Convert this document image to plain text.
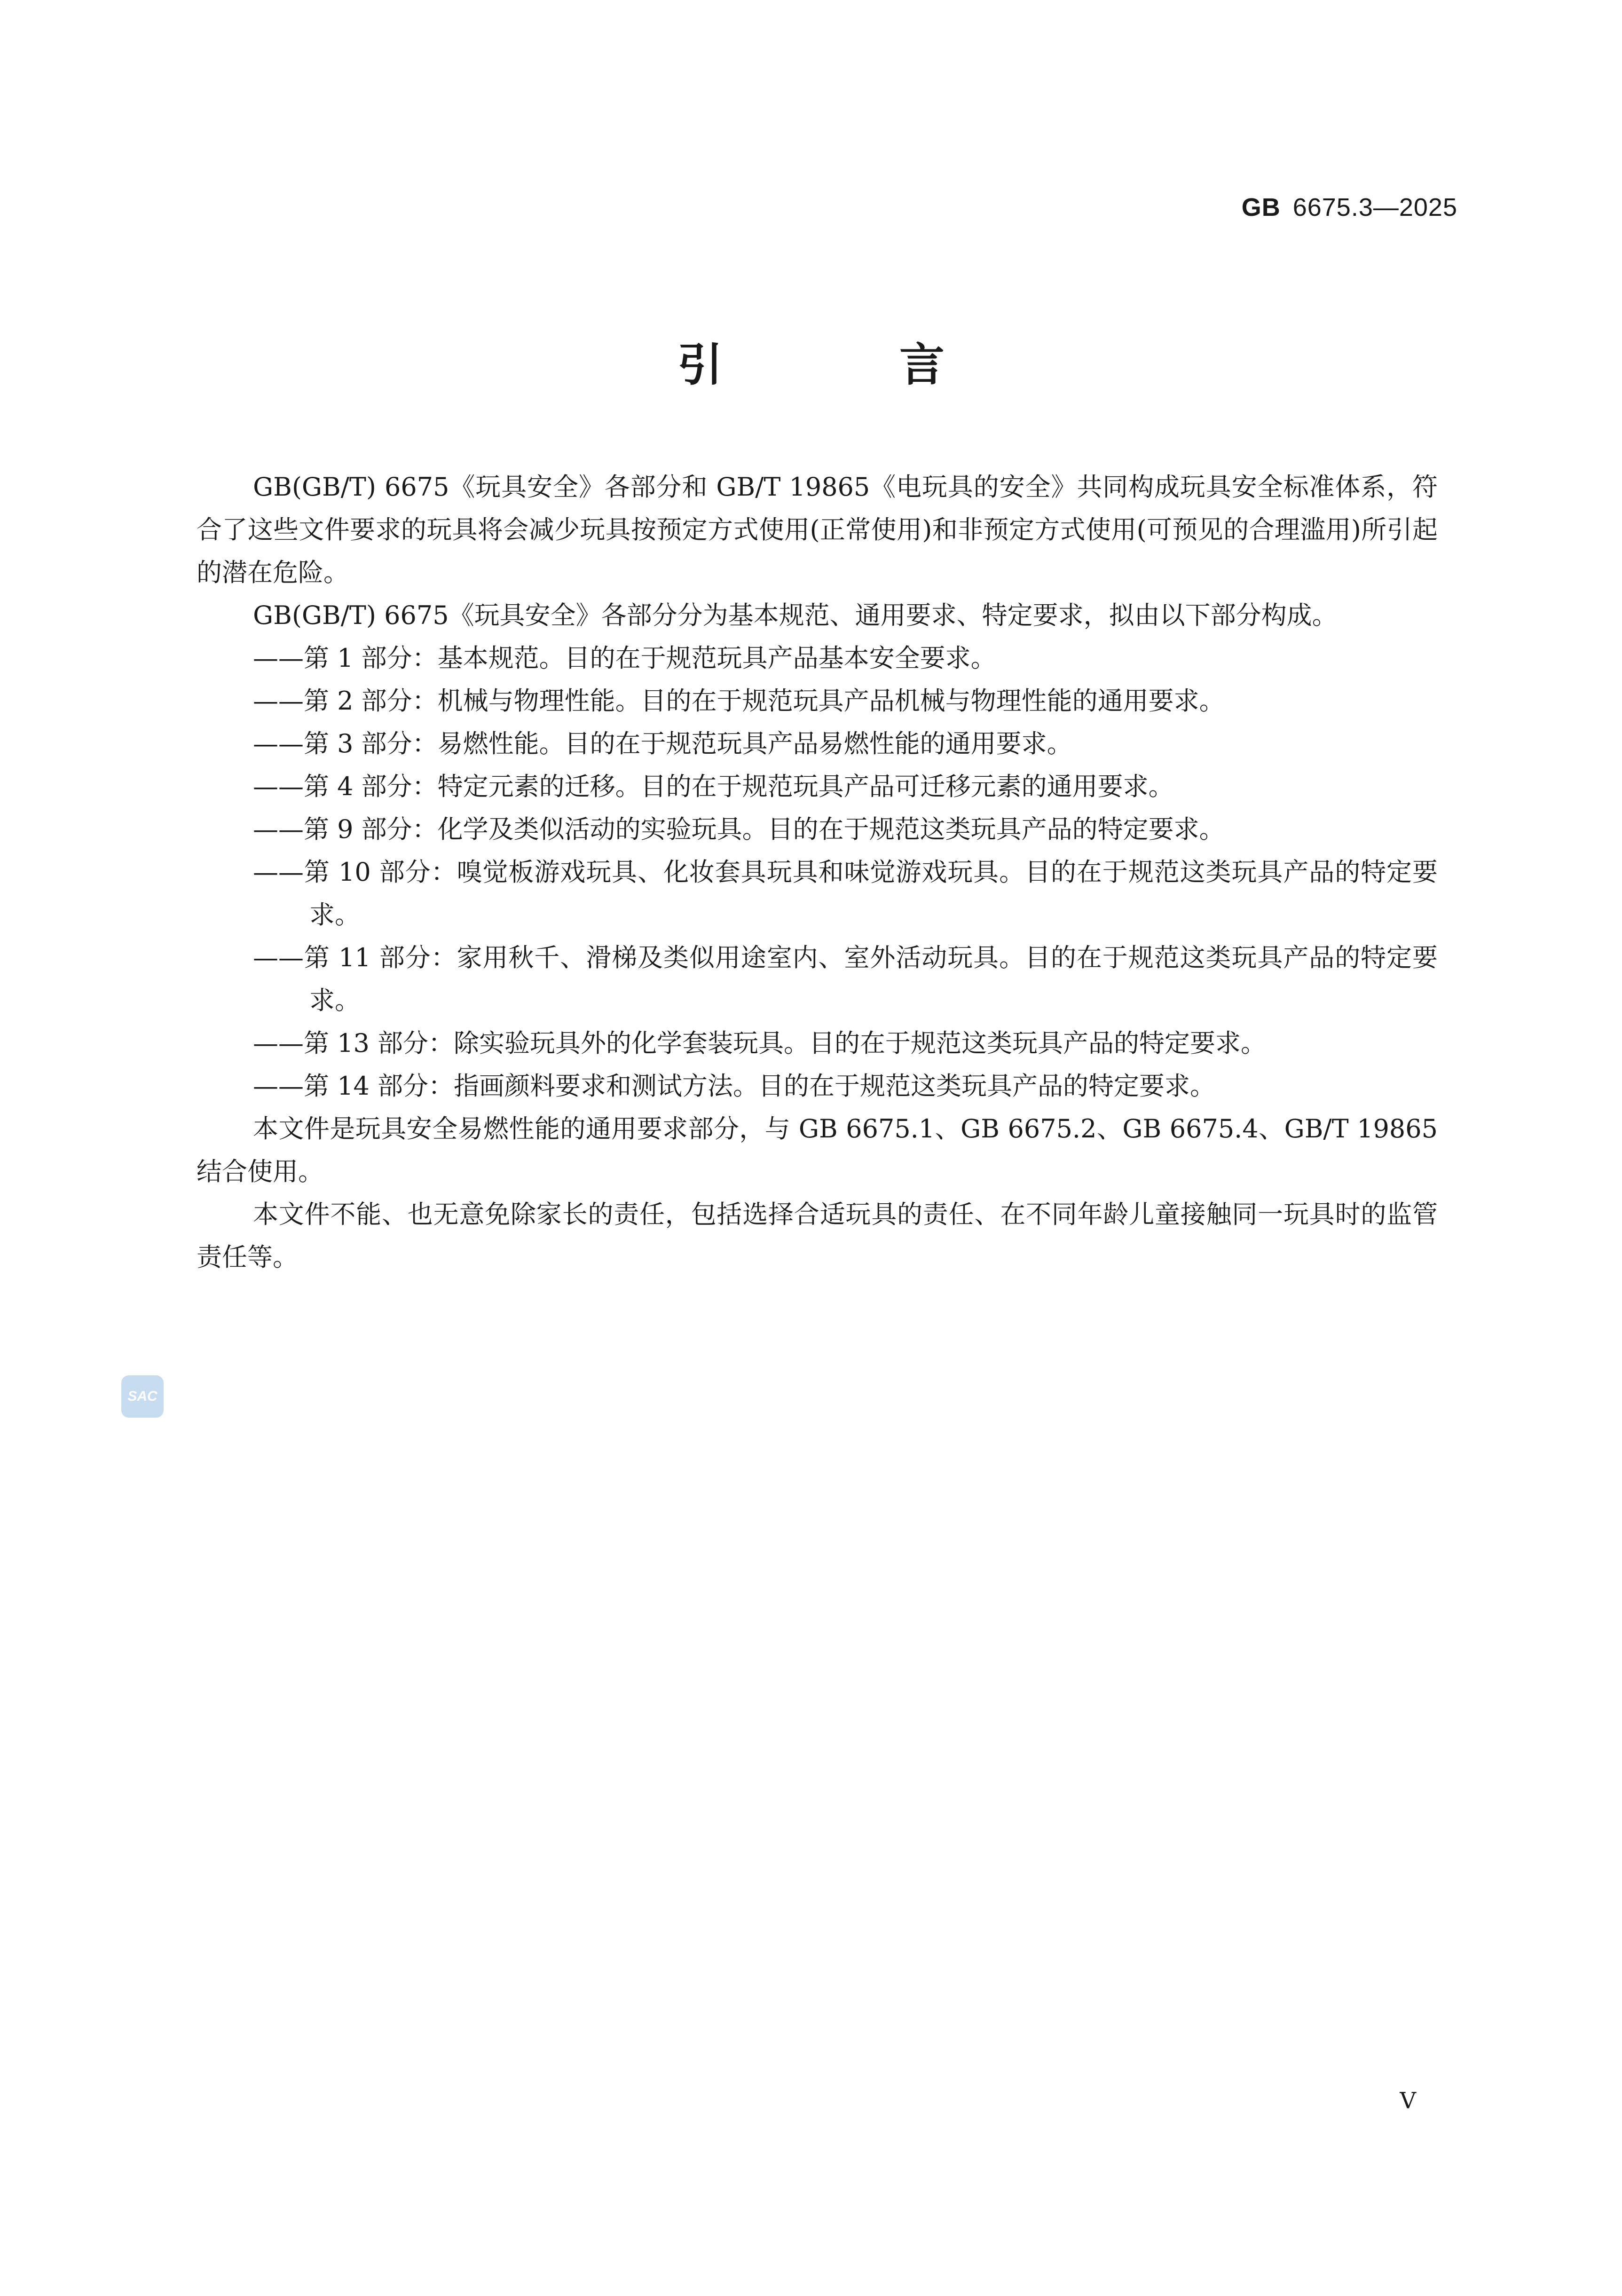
GB 6675.3—2025
引　言

GB(GB/T) 6675《玩具安全》各部分和 GB/T 19865《电玩具的安全》共同构成玩具安全标准体系，符合了这些文件要求的玩具将会减少玩具按预定方式使用(正常使用)和非预定方式使用(可预见的合理滥用)所引起的潜在危险。

GB(GB/T) 6675《玩具安全》各部分分为基本规范、通用要求、特定要求，拟由以下部分构成。

——第 1 部分：基本规范。目的在于规范玩具产品基本安全要求。

——第 2 部分：机械与物理性能。目的在于规范玩具产品机械与物理性能的通用要求。

——第 3 部分：易燃性能。目的在于规范玩具产品易燃性能的通用要求。

——第 4 部分：特定元素的迁移。目的在于规范玩具产品可迁移元素的通用要求。

——第 9 部分：化学及类似活动的实验玩具。目的在于规范这类玩具产品的特定要求。

——第 10 部分：嗅觉板游戏玩具、化妆套具玩具和味觉游戏玩具。目的在于规范这类玩具产品的特定要求。

——第 11 部分：家用秋千、滑梯及类似用途室内、室外活动玩具。目的在于规范这类玩具产品的特定要求。

——第 13 部分：除实验玩具外的化学套装玩具。目的在于规范这类玩具产品的特定要求。

——第 14 部分：指画颜料要求和测试方法。目的在于规范这类玩具产品的特定要求。

本文件是玩具安全易燃性能的通用要求部分，与 GB 6675.1、GB 6675.2、GB 6675.4、GB/T 19865 结合使用。

本文件不能、也无意免除家长的责任，包括选择合适玩具的责任、在不同年龄儿童接触同一玩具时的监管责任等。

SAC
V
